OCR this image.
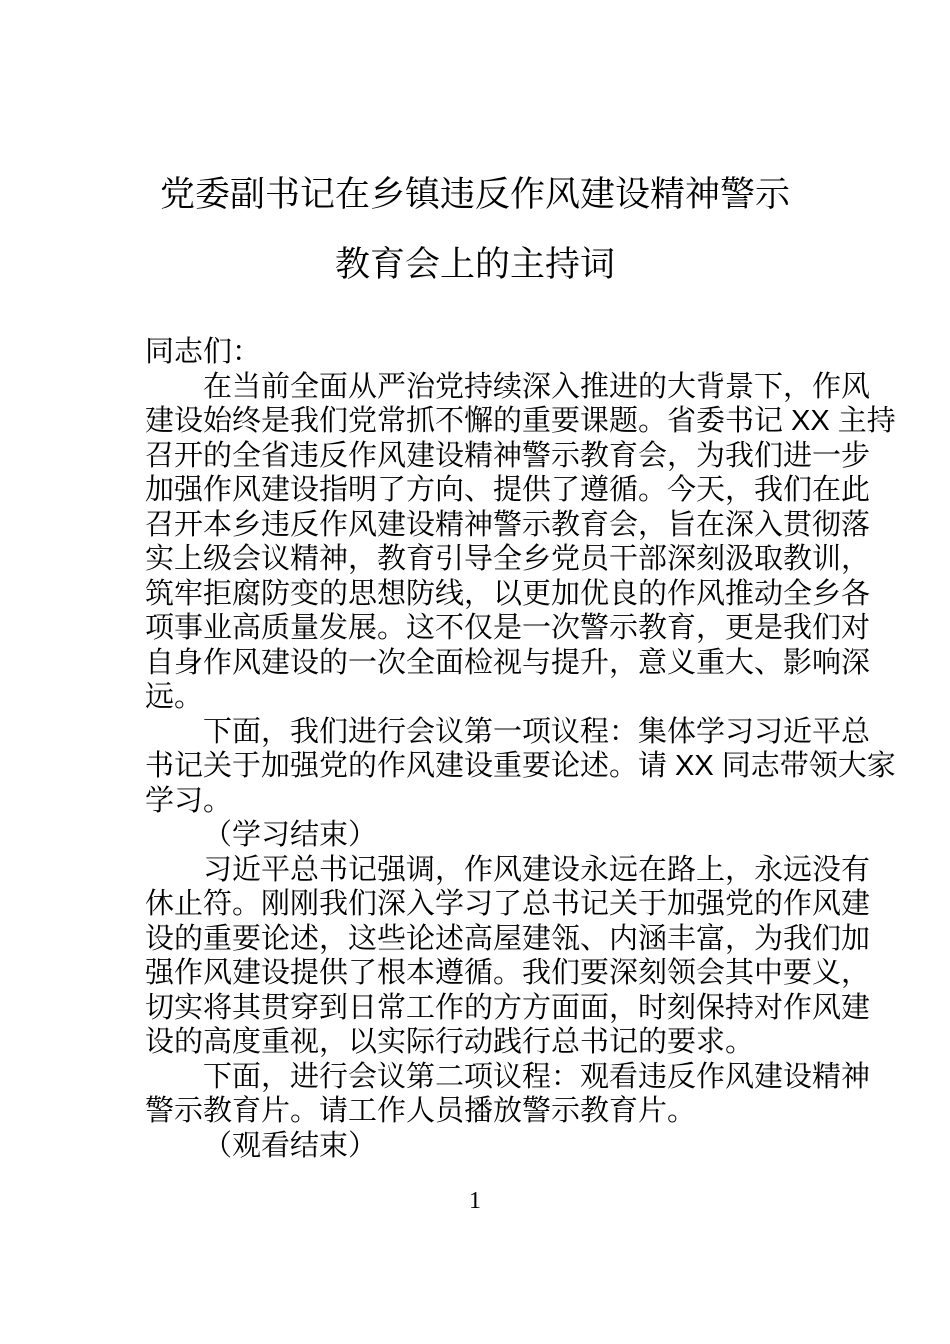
党委副书记在乡镇违反作风建设精神警示
教育会上的主持词
同志们：
在当前全面从严治党持续深入推进的大背景下，作风
建设始终是我们党常抓不懈的重要课题。省委书记 XX 主持
召开的全省违反作风建设精神警示教育会，为我们进一步
加强作风建设指明了方向、提供了遵循。今天，我们在此
召开本乡违反作风建设精神警示教育会，旨在深入贯彻落
实上级会议精神，教育引导全乡党员干部深刻汲取教训，
筑牢拒腐防变的思想防线，以更加优良的作风推动全乡各
项事业高质量发展。这不仅是一次警示教育，更是我们对
自身作风建设的一次全面检视与提升，意义重大、影响深
远。
下面，我们进行会议第一项议程：集体学习习近平总
书记关于加强党的作风建设重要论述。请 XX 同志带领大家
学习。
（学习结束）
习近平总书记强调，作风建设永远在路上，永远没有
休止符。刚刚我们深入学习了总书记关于加强党的作风建
设的重要论述，这些论述高屋建瓴、内涵丰富，为我们加
强作风建设提供了根本遵循。我们要深刻领会其中要义，
切实将其贯穿到日常工作的方方面面，时刻保持对作风建
设的高度重视，以实际行动践行总书记的要求。
下面，进行会议第二项议程：观看违反作风建设精神
警示教育片。请工作人员播放警示教育片。
（观看结束）
1
